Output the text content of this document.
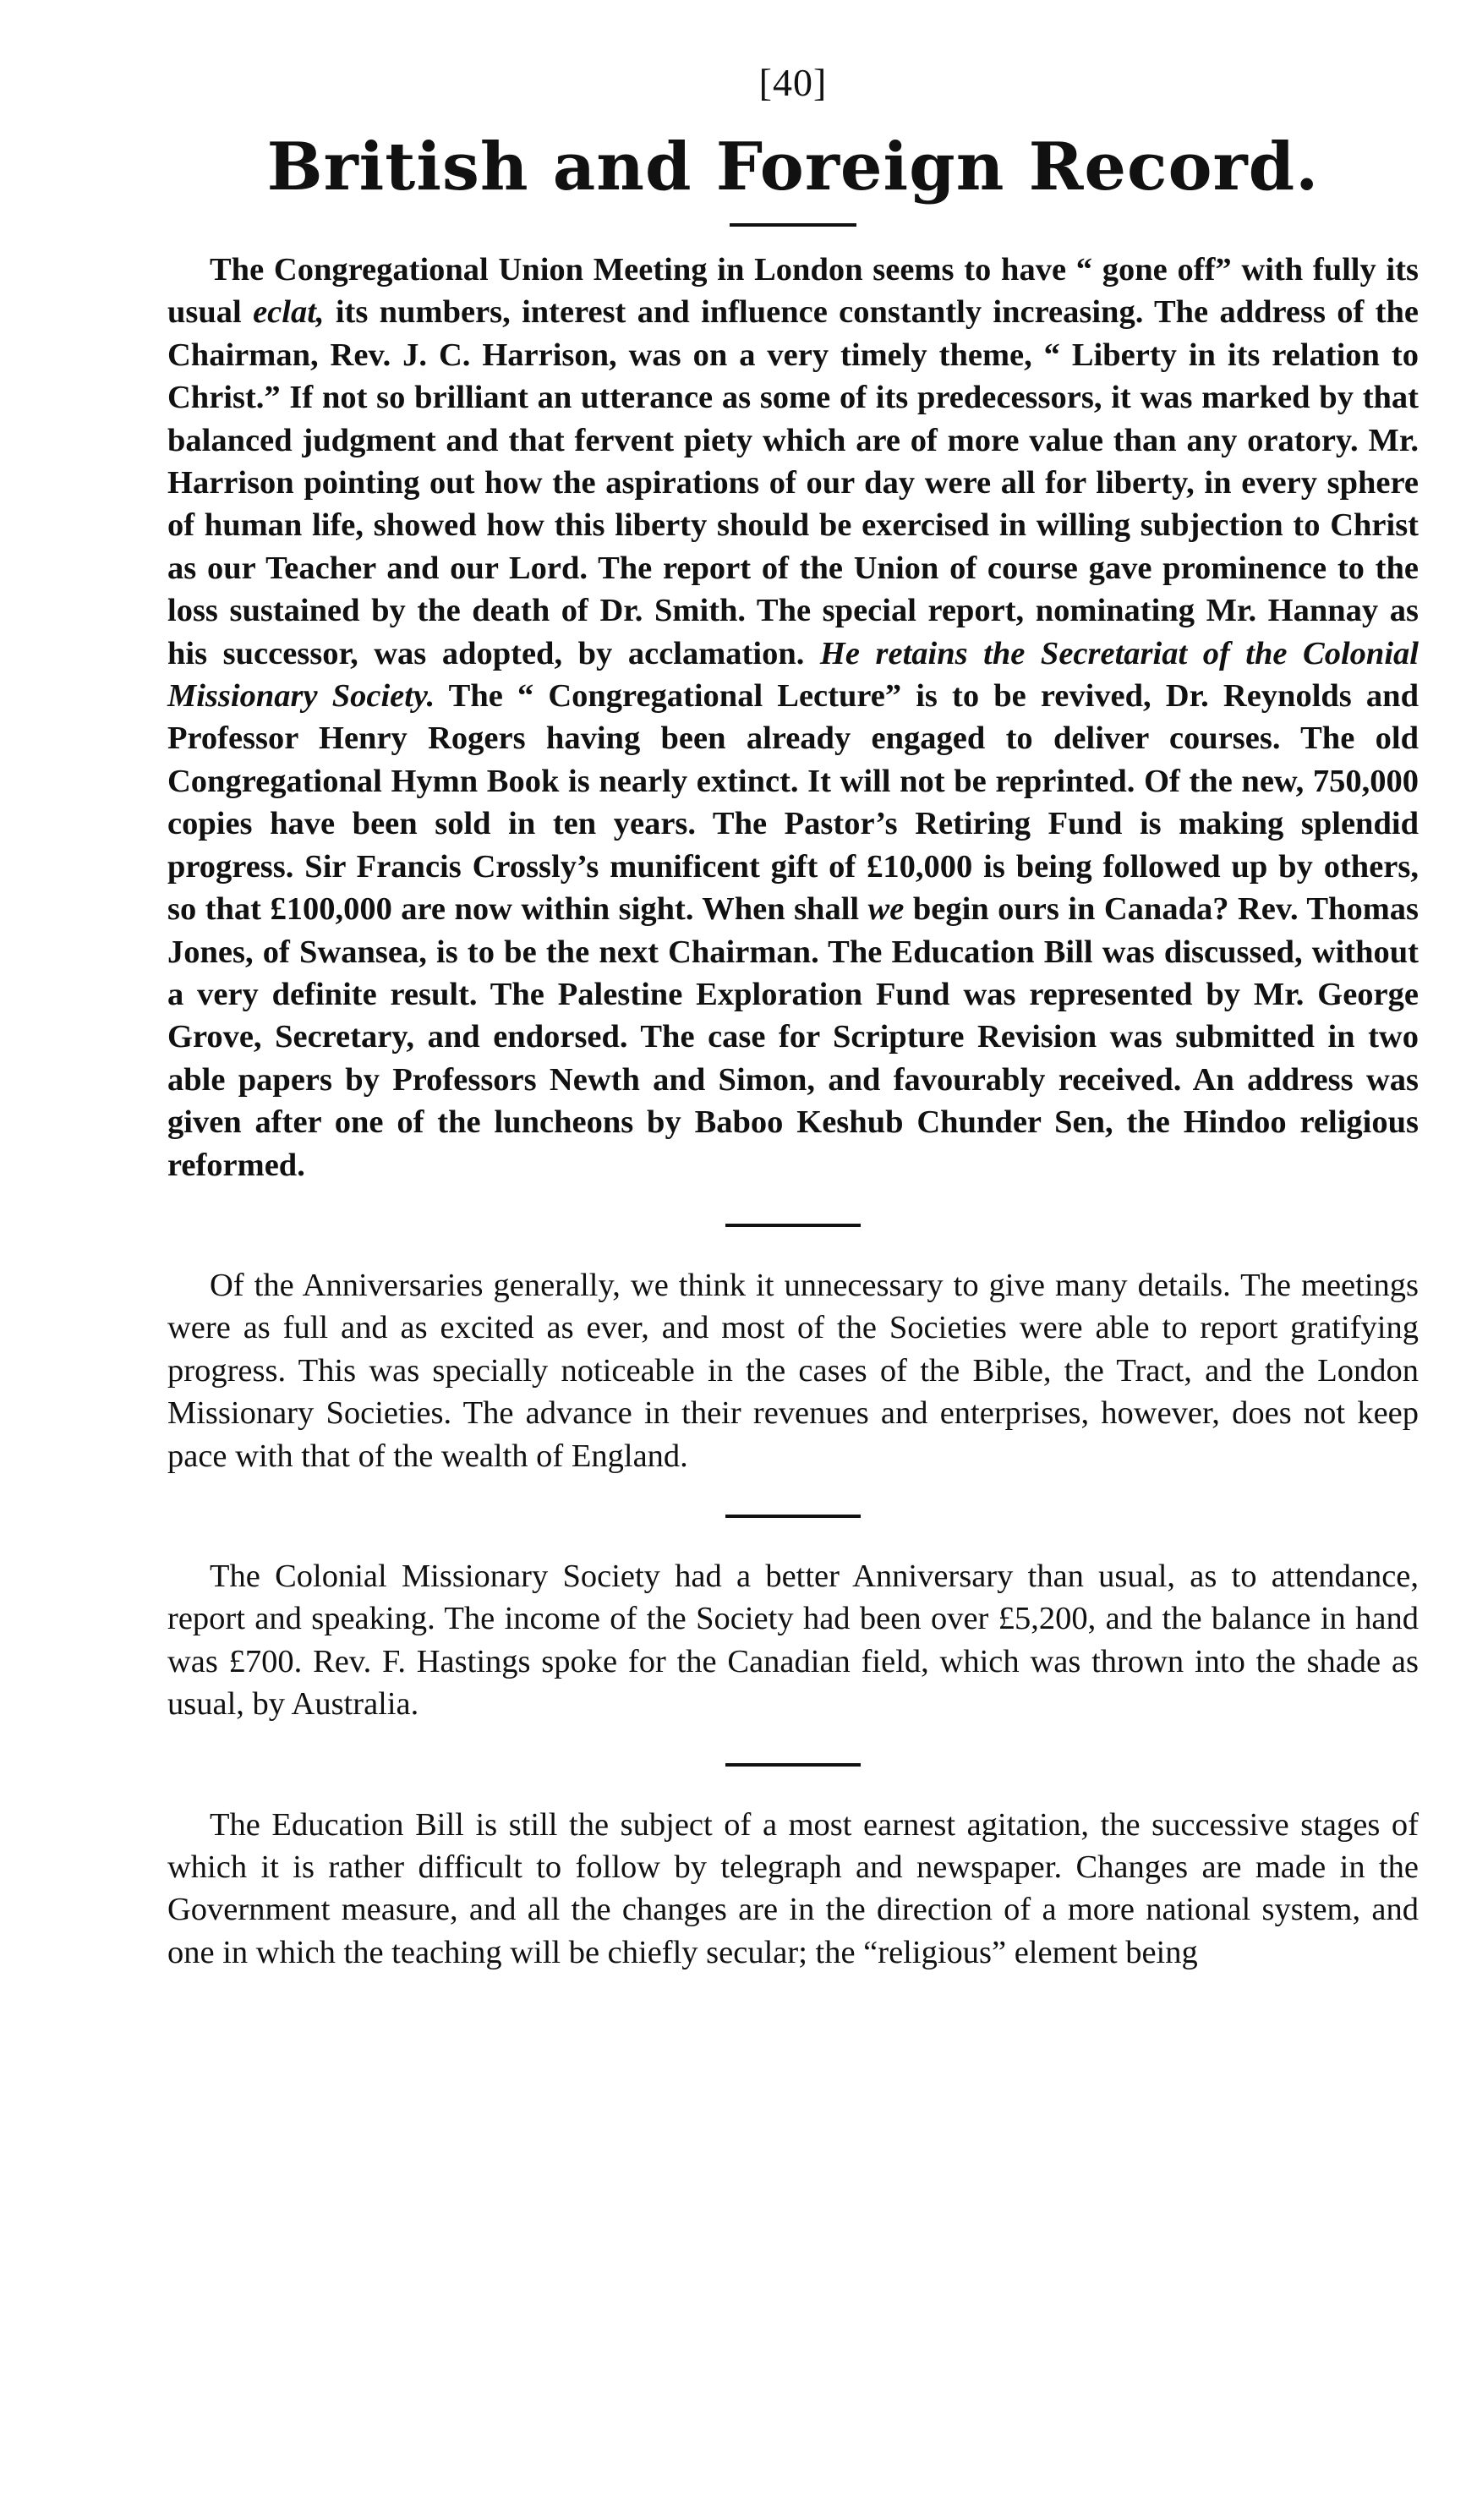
[40]
British and Foreign Record.

The Congregational Union Meeting in London seems to have “ gone off” with fully its usual eclat, its numbers, interest and influence constantly increasing. The address of the Chairman, Rev. J. C. Harrison, was on a very timely theme, “ Liberty in its relation to Christ.” If not so brilliant an utterance as some of its predecessors, it was marked by that balanced judgment and that fervent piety which are of more value than any oratory. Mr. Harrison pointing out how the aspirations of our day were all for liberty, in every sphere of human life, showed how this liberty should be exercised in willing subjection to Christ as our Teacher and our Lord. The report of the Union of course gave prominence to the loss sustained by the death of Dr. Smith. The special report, nominating Mr. Hannay as his successor, was adopted, by acclamation. He retains the Secretariat of the Colonial Missionary Society. The “ Congregational Lecture” is to be revived, Dr. Reynolds and Professor Henry Rogers having been already engaged to deliver courses. The old Congregational Hymn Book is nearly extinct. It will not be reprinted. Of the new, 750,000 copies have been sold in ten years. The Pastor’s Retiring Fund is making splendid progress. Sir Francis Crossly’s munificent gift of £10,000 is being followed up by others, so that £100,000 are now within sight. When shall we begin ours in Canada? Rev. Thomas Jones, of Swansea, is to be the next Chairman. The Education Bill was discussed, without a very definite result. The Palestine Exploration Fund was represented by Mr. George Grove, Secretary, and endorsed. The case for Scripture Revision was submitted in two able papers by Professors Newth and Simon, and favourably received. An address was given after one of the luncheons by Baboo Keshub Chunder Sen, the Hindoo religious reformed.

Of the Anniversaries generally, we think it unnecessary to give many details. The meetings were as full and as excited as ever, and most of the Societies were able to report gratifying progress. This was specially noticeable in the cases of the Bible, the Tract, and the London Missionary Societies. The advance in their revenues and enterprises, however, does not keep pace with that of the wealth of England.

The Colonial Missionary Society had a better Anniversary than usual, as to attendance, report and speaking. The income of the Society had been over £5,200, and the balance in hand was £700. Rev. F. Hastings spoke for the Canadian field, which was thrown into the shade as usual, by Australia.

The Education Bill is still the subject of a most earnest agitation, the successive stages of which it is rather difficult to follow by telegraph and newspaper. Changes are made in the Government measure, and all the changes are in the direction of a more national system, and one in which the teaching will be chiefly secular; the “religious” element being
